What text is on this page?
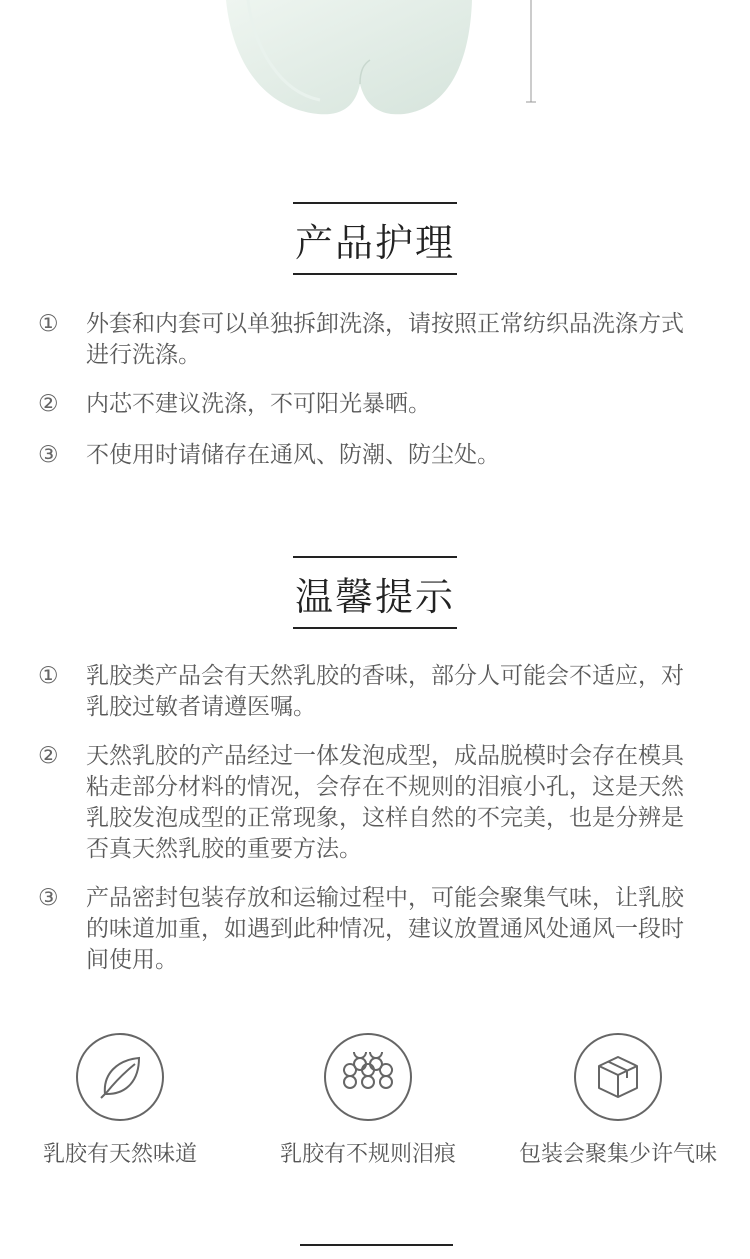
产品护理
①	外套和内套可以单独拆卸洗涤，请按照正常纺织品洗涤方式进行洗涤。
②	内芯不建议洗涤，不可阳光暴晒。
③	不使用时请储存在通风、防潮、防尘处。
温馨提示
①	乳胶类产品会有天然乳胶的香味，部分人可能会不适应，对乳胶过敏者请遵医嘱。
②	天然乳胶的产品经过一体发泡成型，成品脱模时会存在模具粘走部分材料的情况，会存在不规则的泪痕小孔，这是天然乳胶发泡成型的正常现象，这样自然的不完美，也是分辨是否真天然乳胶的重要方法。
③	产品密封包装存放和运输过程中，可能会聚集气味，让乳胶的味道加重，如遇到此种情况，建议放置通风处通风一段时间使用。
乳胶有天然味道	乳胶有不规则泪痕	包装会聚集少许气味
